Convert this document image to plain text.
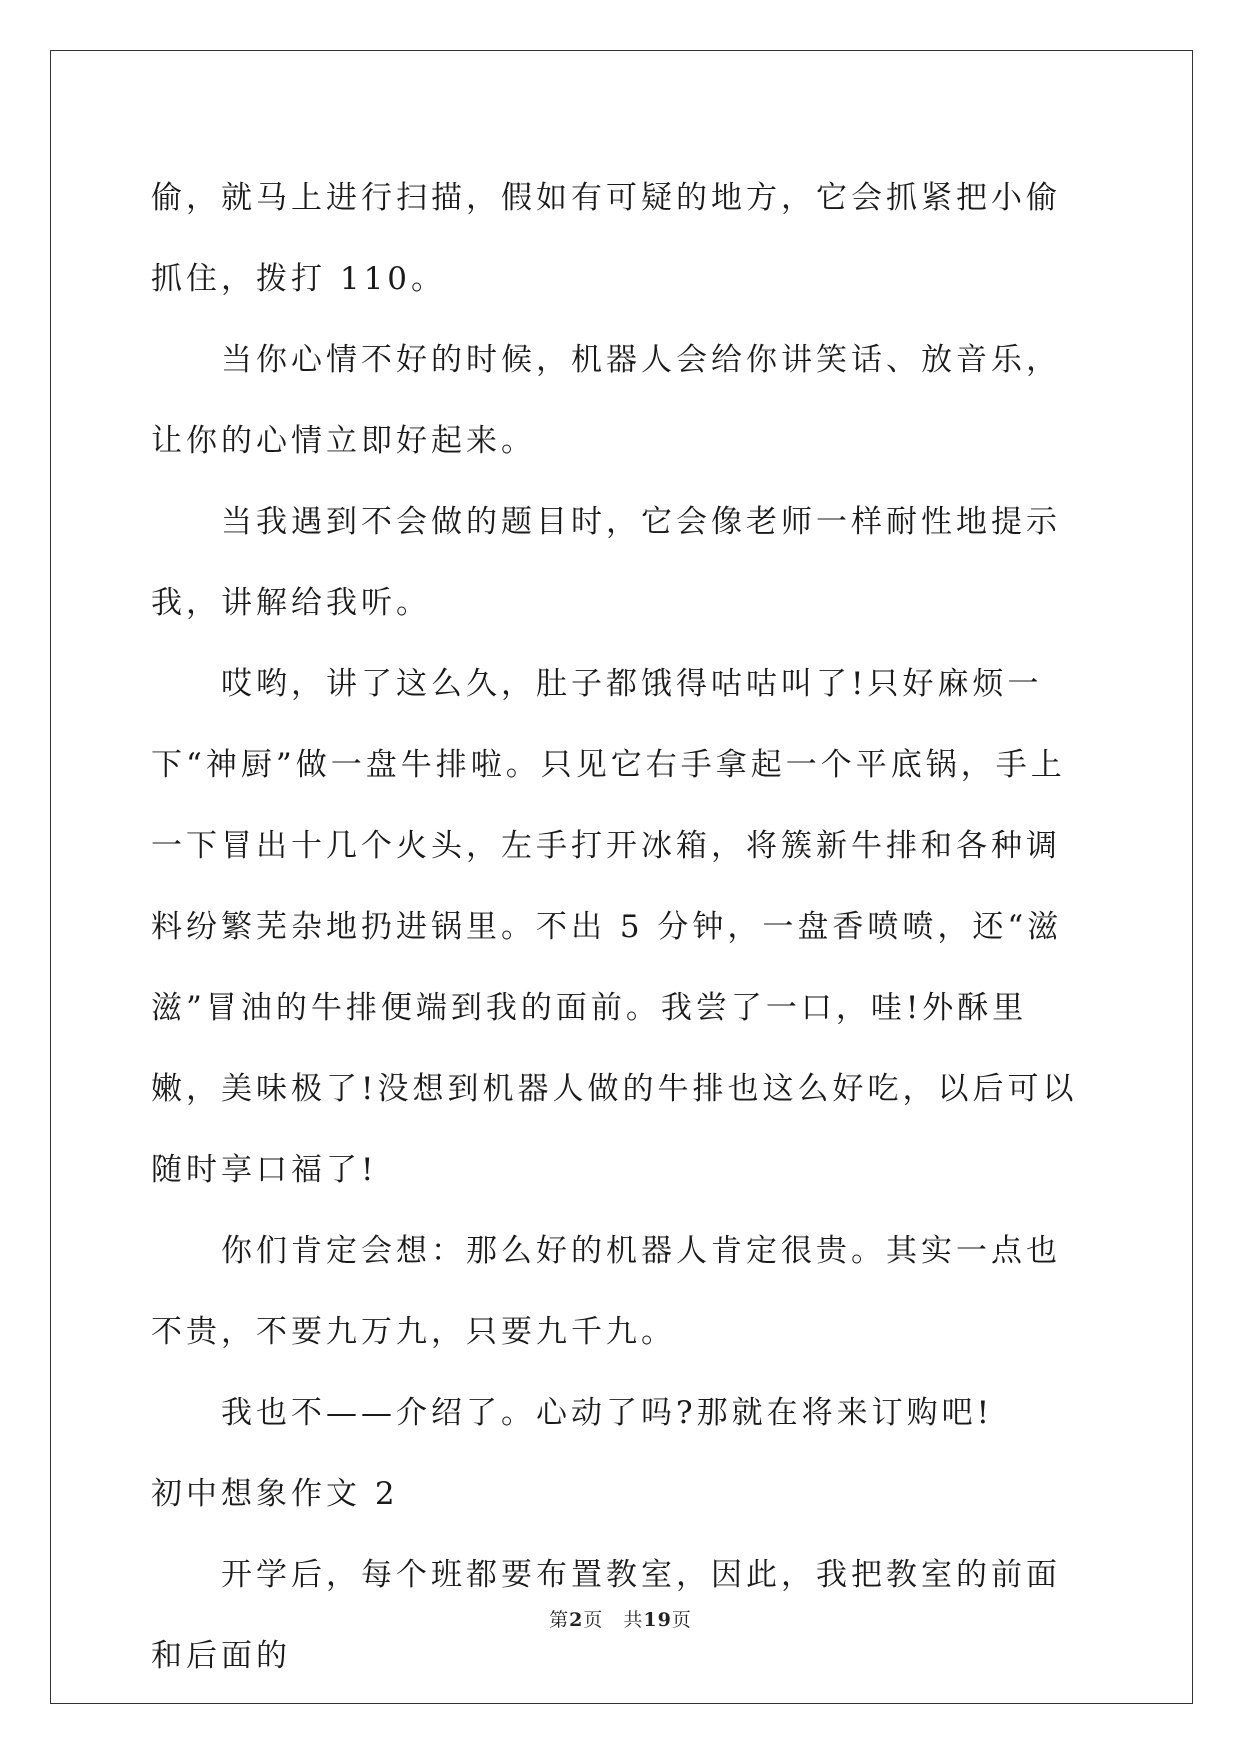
偷，就马上进行扫描，假如有可疑的地方，它会抓紧把小偷抓住，拨打 110。

　　当你心情不好的时候，机器人会给你讲笑话、放音乐，让你的心情立即好起来。

　　当我遇到不会做的题目时，它会像老师一样耐性地提示我，讲解给我听。

　　哎哟，讲了这么久，肚子都饿得咕咕叫了!只好麻烦一下“神厨”做一盘牛排啦。只见它右手拿起一个平底锅，手上一下冒出十几个火头，左手打开冰箱，将簇新牛排和各种调料纷繁芜杂地扔进锅里。不出 5 分钟，一盘香喷喷，还“滋滋”冒油的牛排便端到我的面前。我尝了一口，哇!外酥里嫩，美味极了!没想到机器人做的牛排也这么好吃，以后可以随时享口福了!

　　你们肯定会想：那么好的机器人肯定很贵。其实一点也不贵，不要九万九，只要九千九。

　　我也不——介绍了。心动了吗?那就在将来订购吧!

初中想象作文 2

　　开学后，每个班都要布置教室，因此，我把教室的前面和后面的

第2页　共19页
